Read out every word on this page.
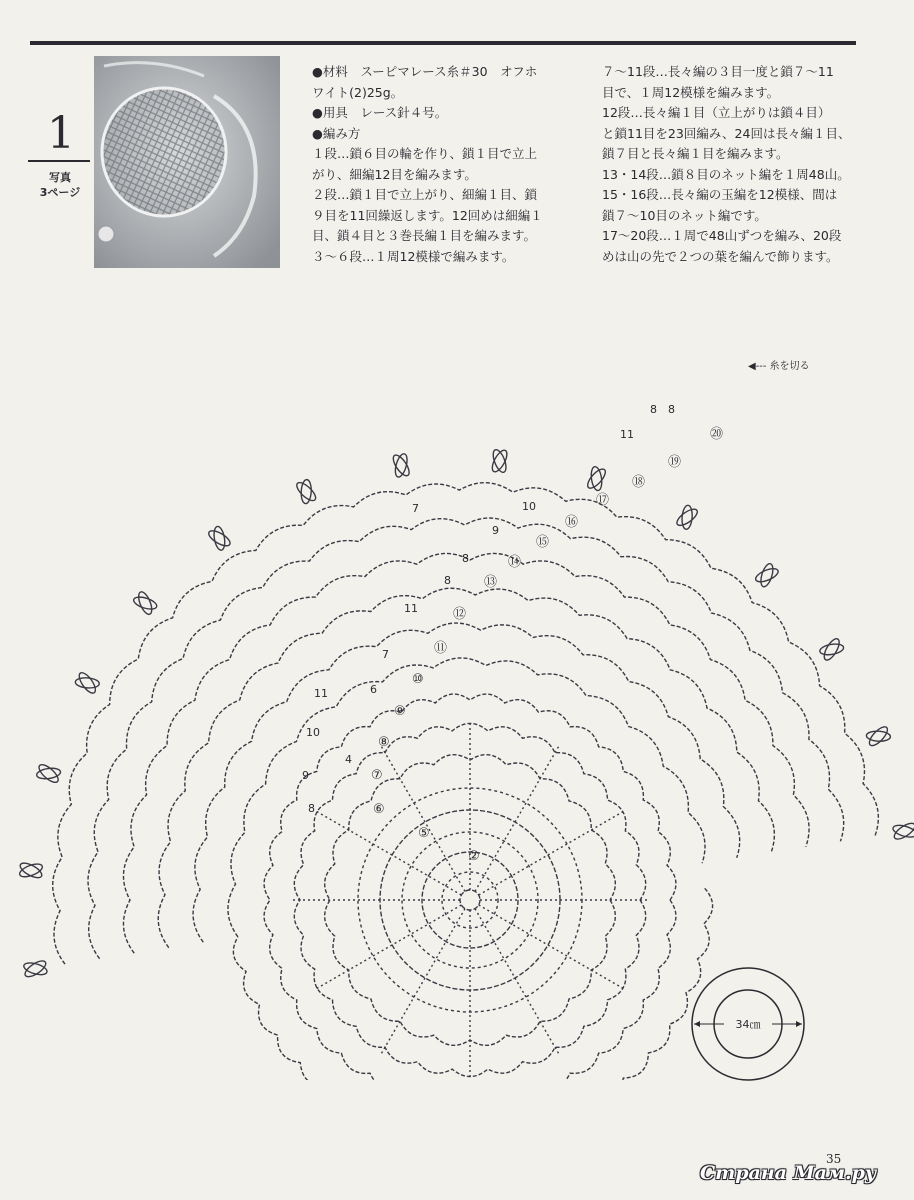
1
写真
3ページ

●材料　スーピマレース糸＃30　オフホ

ワイト(2)25g。

●用具　レース針４号。

●編み方

１段…鎖６目の輪を作り、鎖１目で立上

がり、細編12目を編みます。

２段…鎖１目で立上がり、細編１目、鎖

９目を11回繰返します。12回めは細編１

目、鎖４目と３巻長編１目を編みます。

３～６段…１周12模様で編みます。

７～11段…長々編の３目一度と鎖７～11

目で、１周12模様を編みます。

12段…長々編１目（立上がりは鎖４目）

と鎖11目を23回編み、24回は長々編１目、

鎖７目と長々編１目を編みます。

13・14段…鎖８目のネット編を１周48山。

15・16段…長々編の玉編を12模様、間は

鎖７～10目のネット編です。

17～20段…１周で48山ずつを編み、20段

めは山の先で２つの葉を編んで飾ります。

◀--- 糸を切る
②
⑤
⑥
⑦
⑧
⑨
⑩
⑪
⑫
⑬
⑭
⑮
⑯
⑰
⑱
⑲
⑳
4
6
7
7
8
8
8
8 8
9
9
10
10
11
11
11
34㎝
35
Страна Мам.ру
